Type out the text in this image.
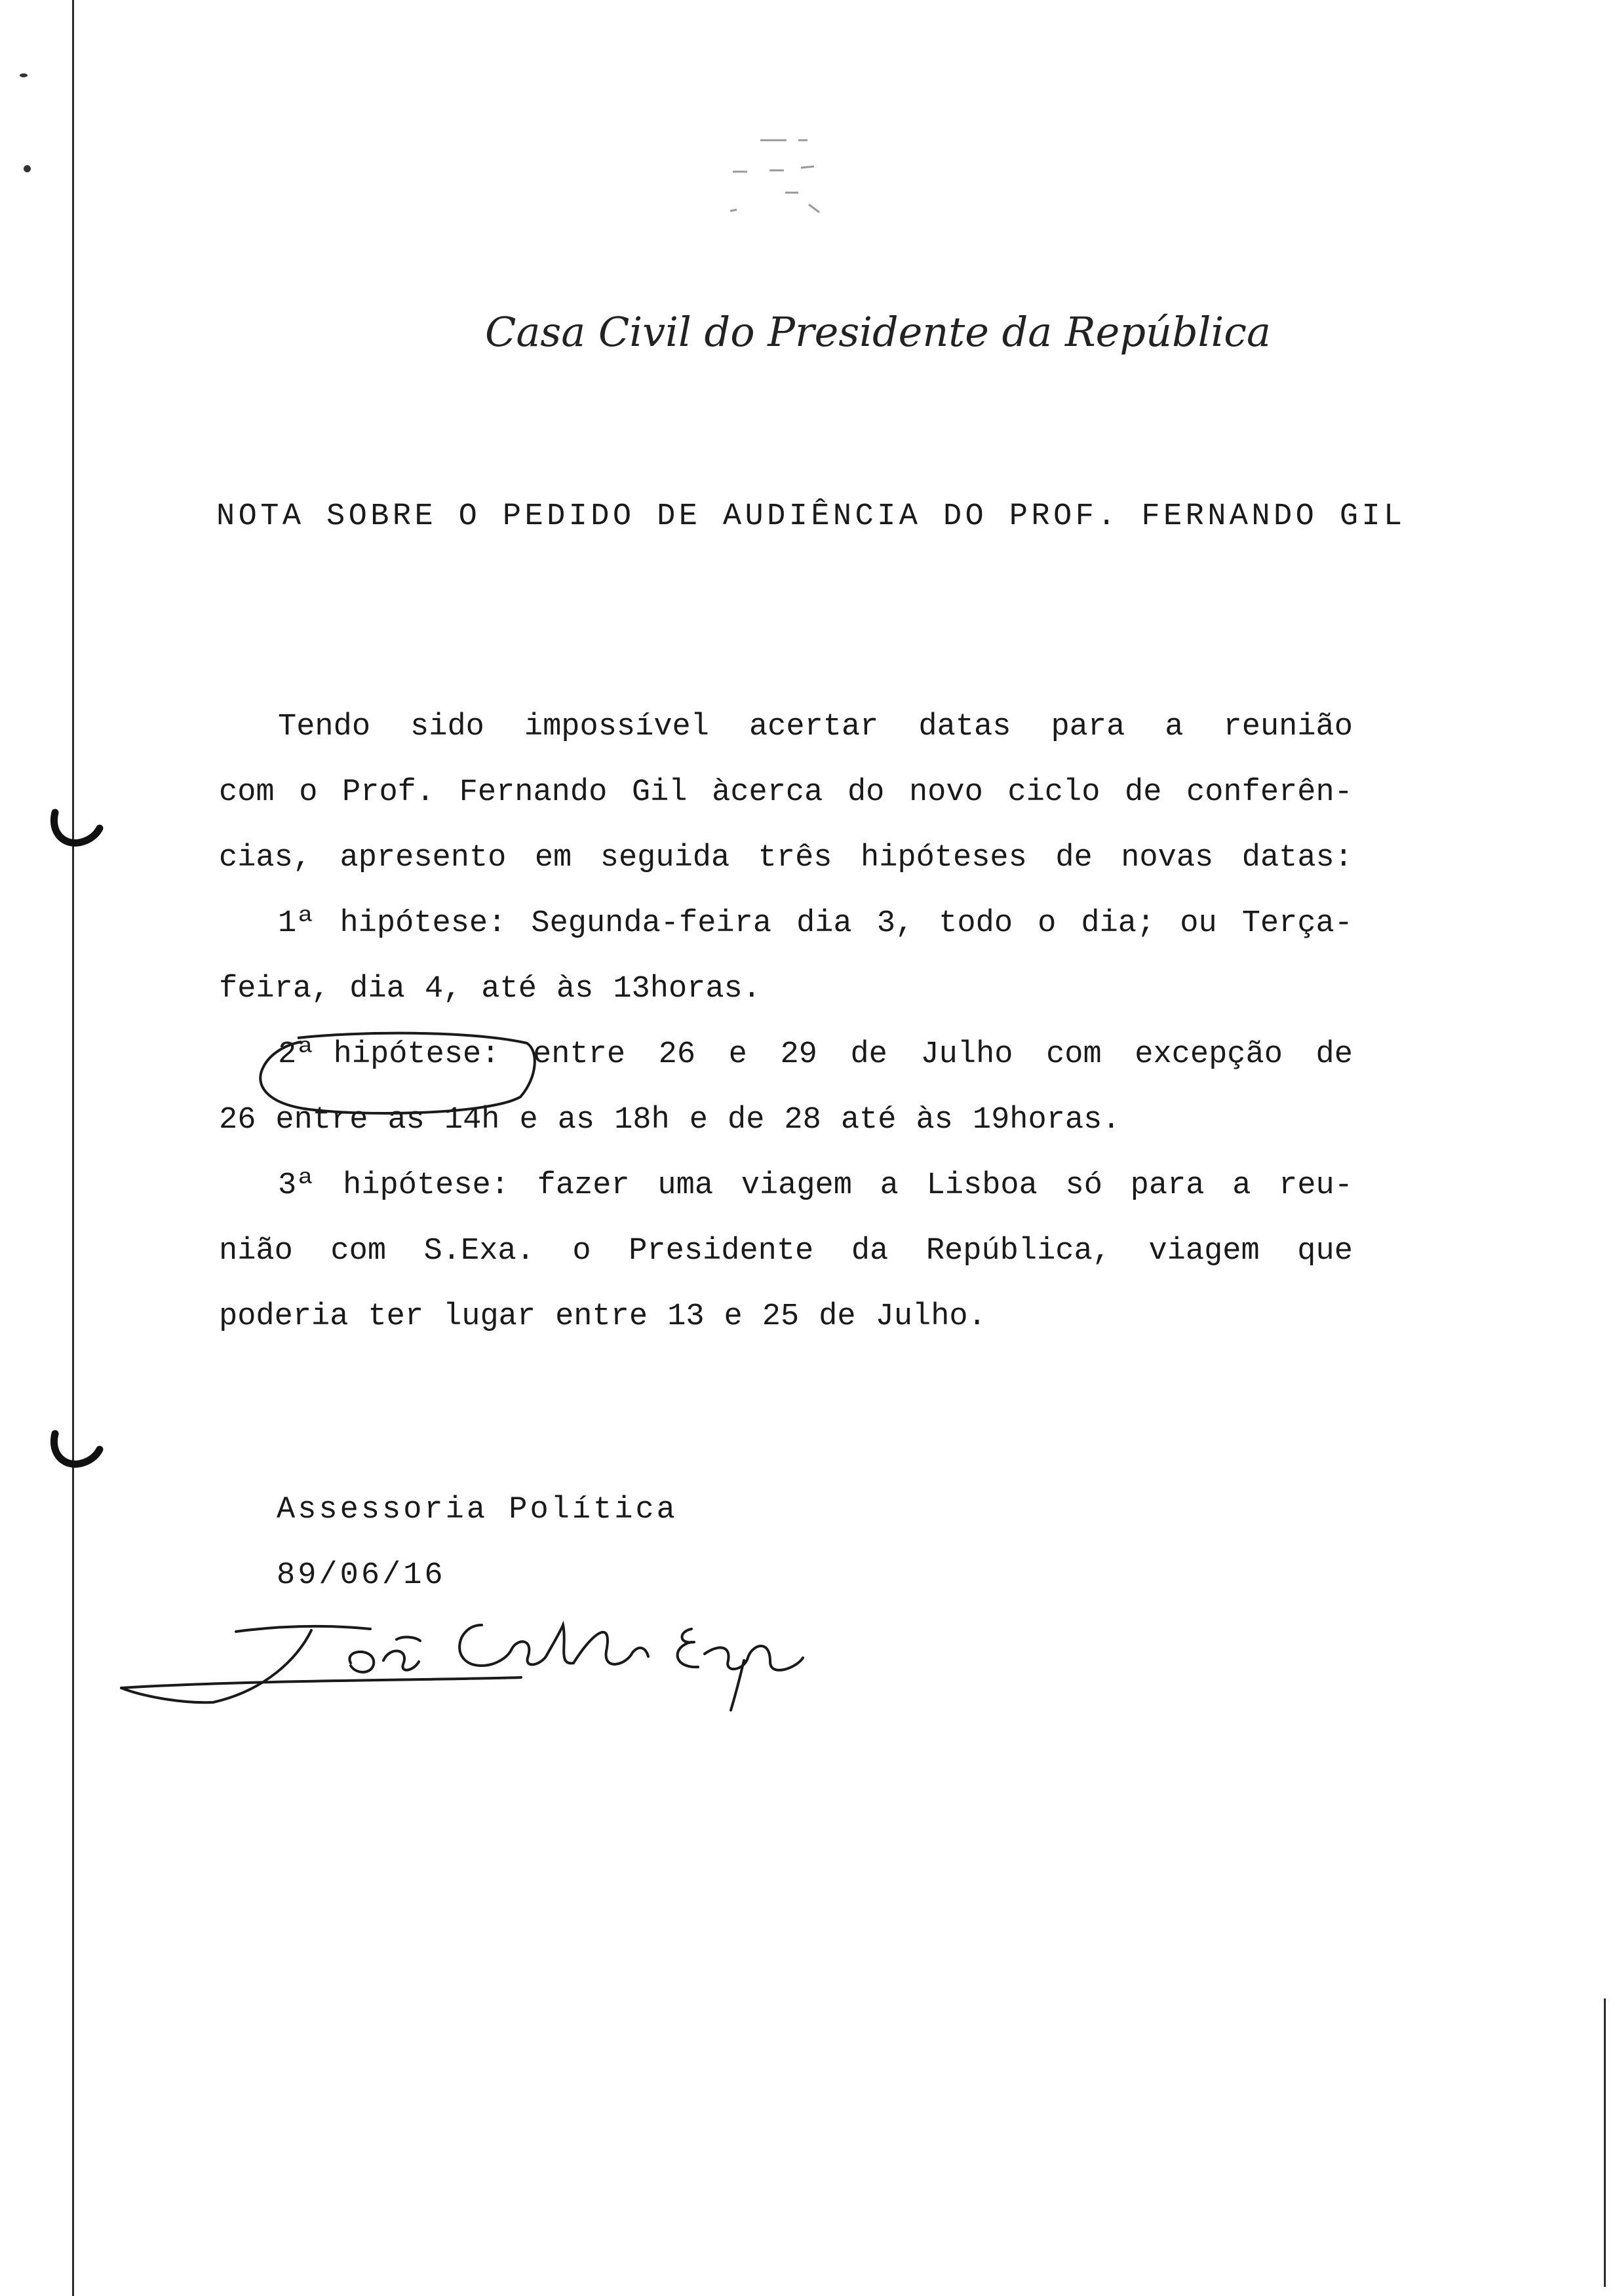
Casa Civil do Presidente da República
NOTA SOBRE O PEDIDO DE AUDIÊNCIA DO PROF. FERNANDO GIL
Tendo sido impossível acertar datas para a reunião
com o Prof. Fernando Gil àcerca do novo ciclo de conferên-
cias, apresento em seguida três hipóteses de novas datas:
1ª hipótese: Segunda-feira dia 3, todo o dia; ou Terça-
feira, dia 4, até às 13horas.
2ª hipótese: entre 26 e 29 de Julho com excepção de
26 entre as 14h e as 18h e de 28 até às 19horas.
3ª hipótese: fazer uma viagem a Lisboa só para a reu-
nião com S.Exa. o Presidente da República, viagem que
poderia ter lugar entre 13 e 25 de Julho.
Assessoria Política
89/06/16
